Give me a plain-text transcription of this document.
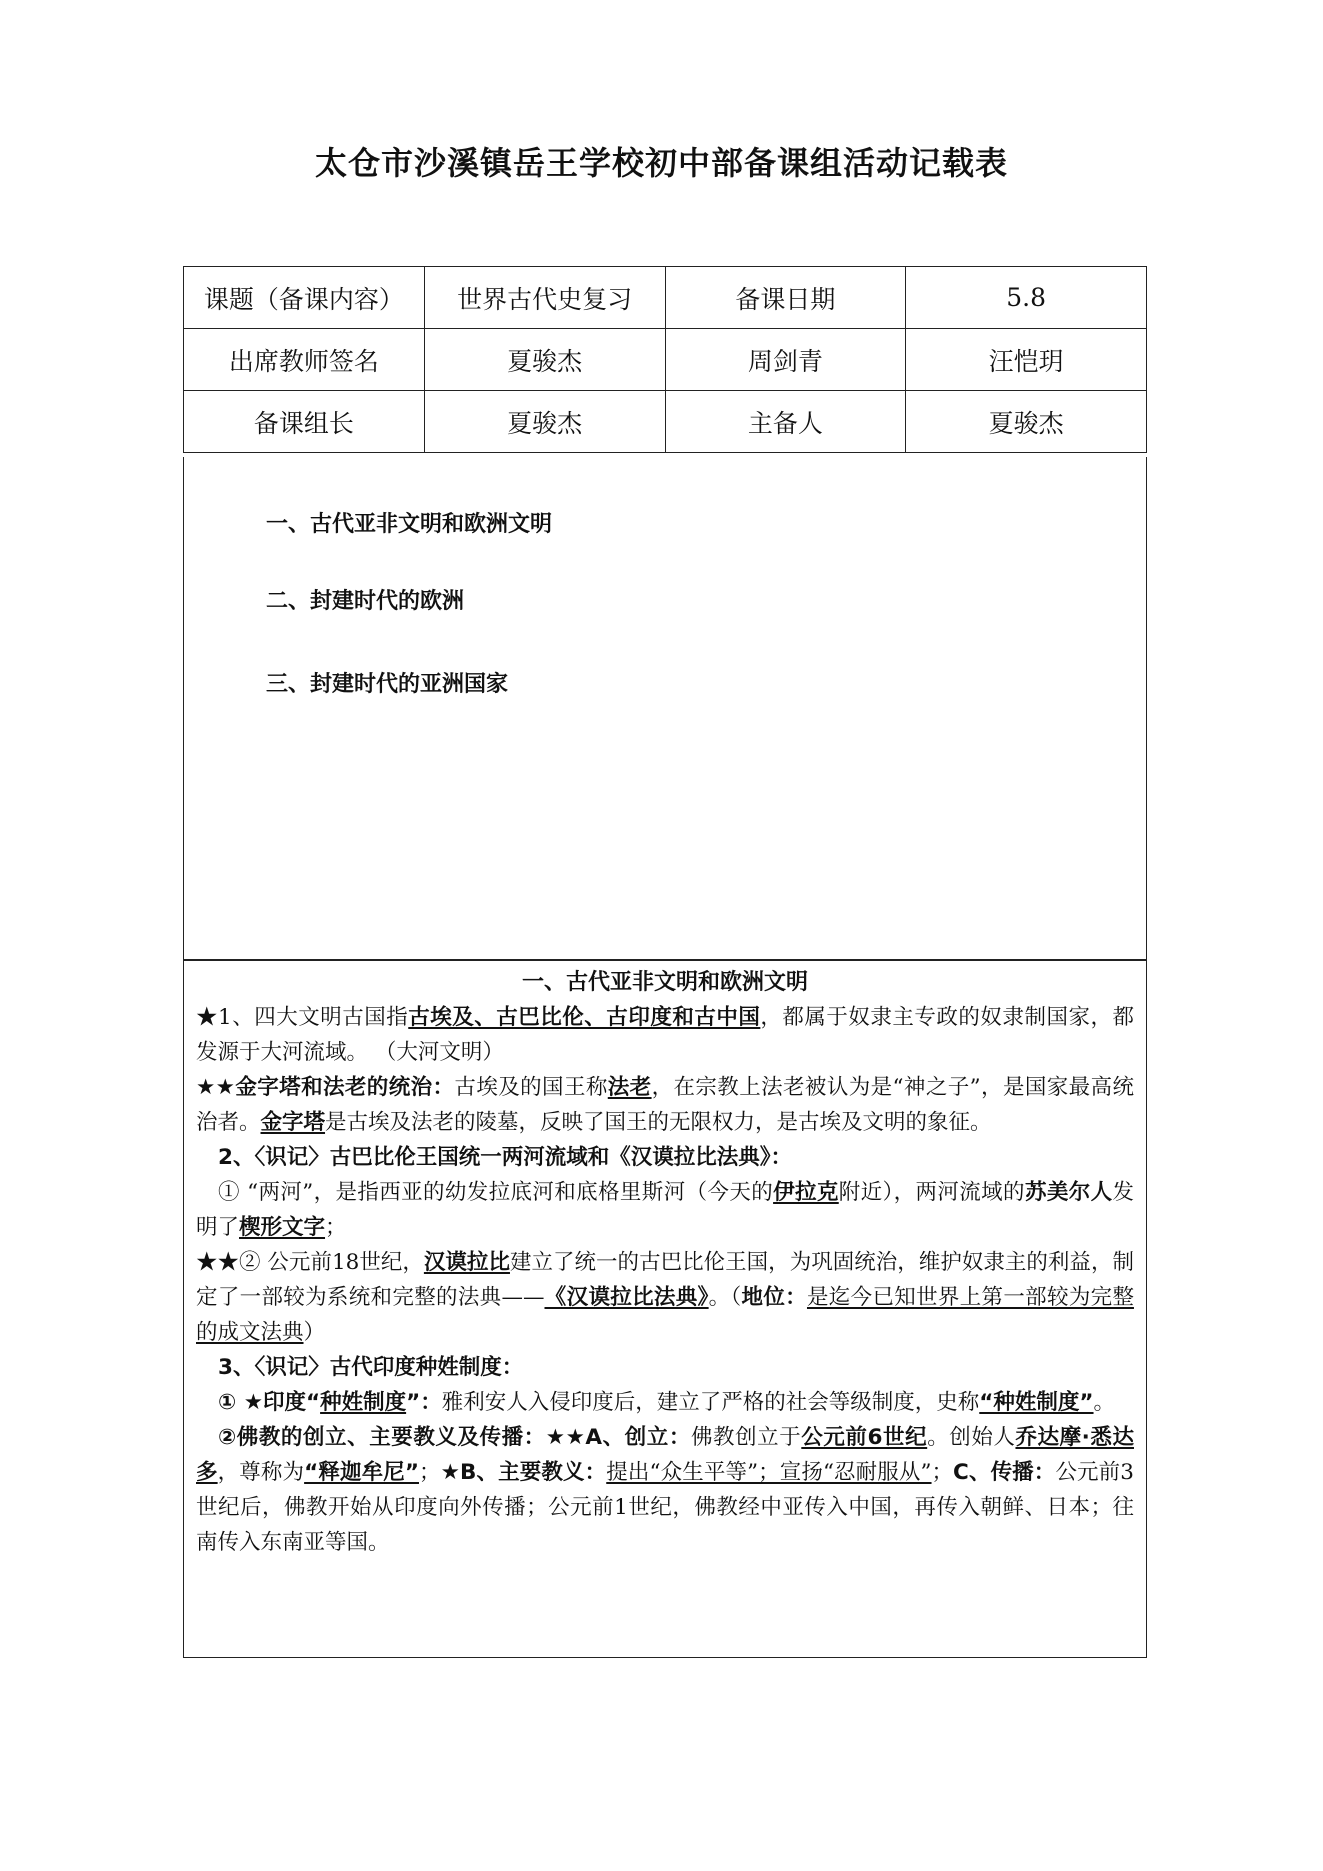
太仓市沙溪镇岳王学校初中部备课组活动记载表
课题（备课内容）	世界古代史复习	备课日期	5.8
出席教师签名	夏骏杰	周剑青	汪恺玥
备课组长	夏骏杰	主备人	夏骏杰
一、古代亚非文明和欧洲文明
二、封建时代的欧洲
三、封建时代的亚洲国家
一、古代亚非文明和欧洲文明

★1、四大文明古国指古埃及、古巴比伦、古印度和古中国，都属于奴隶主专政的奴隶制国家，都发源于大河流域。 （大河文明）

★★金字塔和法老的统治：古埃及的国王称法老，在宗教上法老被认为是“神之子”，是国家最高统治者。金字塔是古埃及法老的陵墓，反映了国王的无限权力，是古埃及文明的象征。

2、〈识记〉古巴比伦王国统一两河流域和《汉谟拉比法典》：

① “两河”，是指西亚的幼发拉底河和底格里斯河（今天的伊拉克附近），两河流域的苏美尔人发明了楔形文字；

★★② 公元前18世纪，汉谟拉比建立了统一的古巴比伦王国，为巩固统治，维护奴隶主的利益，制定了一部较为系统和完整的法典——《汉谟拉比法典》。（地位：是迄今已知世界上第一部较为完整的成文法典）

3、〈识记〉古代印度种姓制度：

① ★印度“种姓制度”：雅利安人入侵印度后，建立了严格的社会等级制度，史称“种姓制度”。

②佛教的创立、主要教义及传播：★★A、创立：佛教创立于公元前6世纪。创始人乔达摩·悉达多，尊称为“释迦牟尼”；★B、主要教义：提出“众生平等”；宣扬“忍耐服从”；C、传播：公元前3世纪后，佛教开始从印度向外传播；公元前1世纪，佛教经中亚传入中国，再传入朝鲜、日本；往南传入东南亚等国。
